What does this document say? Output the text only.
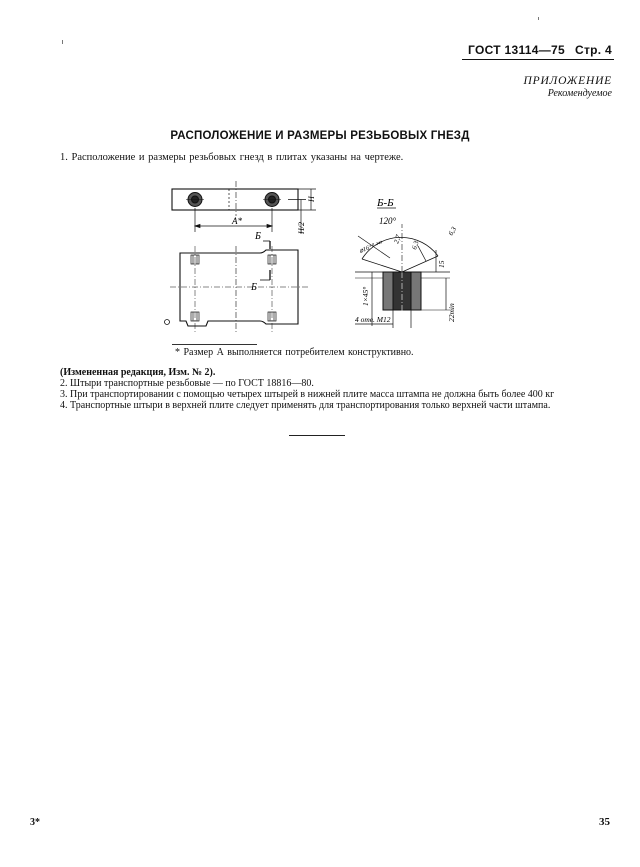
ГОСТ 13114—75 Стр. 4
ПРИЛОЖЕНИЕ
Рекомендуемое
РАСПОЛОЖЕНИЕ И РАЗМЕРЫ РЕЗЬБОВЫХ ГНЕЗД
1. Расположение и размеры резьбовых гнезд в плитах указаны на чертеже.
Н
Н/2
А*
Б
Б
Б-Б
120°
⌀16⁺⁰·²⁴³
2,7
6,3
6,3
15
22min
1×45°
4 отв. М12
* Размер А выполняется потребителем конструктивно.
(Измененная редакция, Изм. № 2).
2. Штыри транспортные резьбовые — по ГОСТ 18816—80.
3. При транспортировании с помощью четырех штырей в нижней плите масса штампа не должна быть более 400 кг
4. Транспортные штыри в верхней плите следует применять для транспортирования только верхней части штампа.
3*	35
